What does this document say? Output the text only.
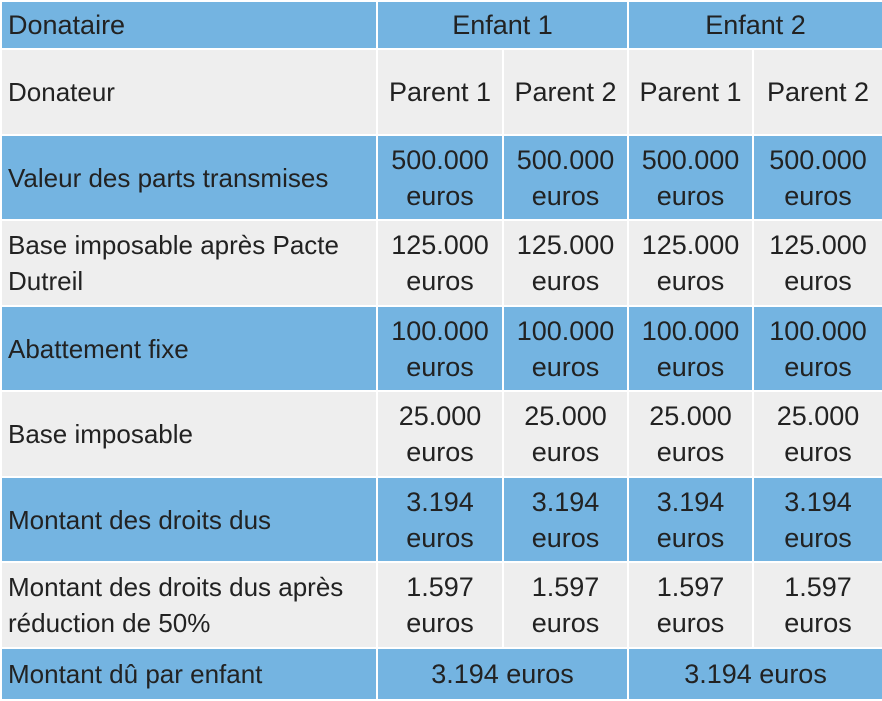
Donataire	Enfant 1		Enfant 2	
Donateur	Parent 1	Parent 2	Parent 1	Parent 2
Valeur des parts transmises	500.000 euros	500.000 euros	500.000 euros	500.000 euros
Base imposable après Pacte Dutreil	125.000 euros	125.000 euros	125.000 euros	125.000 euros
Abattement fixe	100.000 euros	100.000 euros	100.000 euros	100.000 euros
Base imposable	25.000 euros	25.000 euros	25.000 euros	25.000 euros
Montant des droits dus	3.194 euros	3.194 euros	3.194 euros	3.194 euros
Montant des droits dus après réduction de 50%	1.597 euros	1.597 euros	1.597 euros	1.597 euros
Montant dû par enfant	3.194 euros		3.194 euros	
